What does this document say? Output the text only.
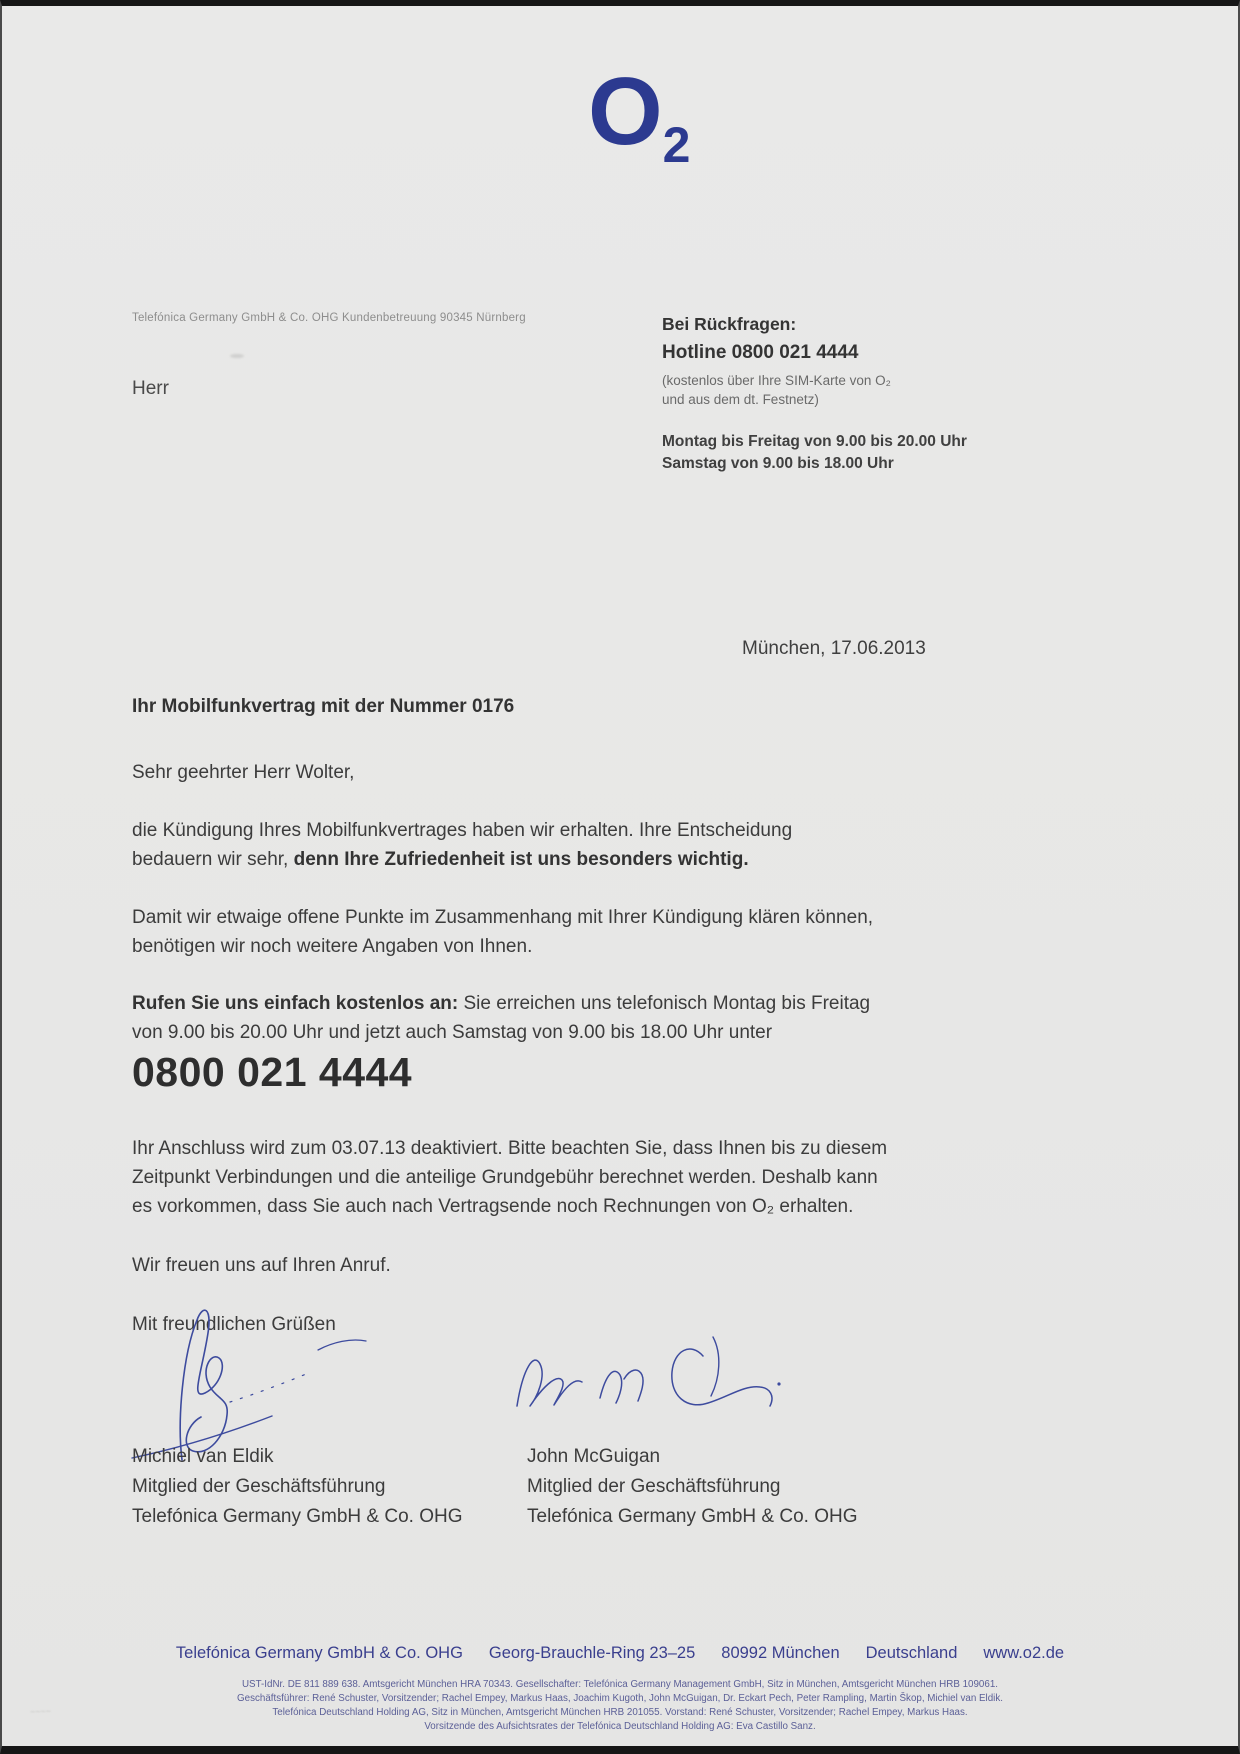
O2
Telefónica Germany GmbH & Co. OHG Kundenbetreuung 90345 Nürnberg
Herr
Bei Rückfragen:
Hotline 0800 021 4444
(kostenlos über Ihre SIM-Karte von O₂
und aus dem dt. Festnetz)
Montag bis Freitag von 9.00 bis 20.00 Uhr
Samstag von 9.00 bis 18.00 Uhr
München, 17.06.2013
Ihr Mobilfunkvertrag mit der Nummer 0176
Sehr geehrter Herr Wolter,
die Kündigung Ihres Mobilfunkvertrages haben wir erhalten. Ihre Entscheidung
bedauern wir sehr, denn Ihre Zufriedenheit ist uns besonders wichtig.
Damit wir etwaige offene Punkte im Zusammenhang mit Ihrer Kündigung klären können,
benötigen wir noch weitere Angaben von Ihnen.
Rufen Sie uns einfach kostenlos an: Sie erreichen uns telefonisch Montag bis Freitag
von 9.00 bis 20.00 Uhr und jetzt auch Samstag von 9.00 bis 18.00 Uhr unter
0800 021 4444
Ihr Anschluss wird zum 03.07.13 deaktiviert. Bitte beachten Sie, dass Ihnen bis zu diesem
Zeitpunkt Verbindungen und die anteilige Grundgebühr berechnet werden. Deshalb kann
es vorkommen, dass Sie auch nach Vertragsende noch Rechnungen von O₂ erhalten.
Wir freuen uns auf Ihren Anruf.
Mit freundlichen Grüßen
Michiel van Eldik
Mitglied der Geschäftsführung
Telefónica Germany GmbH & Co. OHG
John McGuigan
Mitglied der Geschäftsführung
Telefónica Germany GmbH & Co. OHG
Telefónica Germany GmbH & Co. OHG Georg-Brauchle-Ring 23–25 80992 München Deutschland www.o2.de
UST-IdNr. DE 811 889 638. Amtsgericht München HRA 70343. Gesellschafter: Telefónica Germany Management GmbH, Sitz in München, Amtsgericht München HRB 109061.
Geschäftsführer: René Schuster, Vorsitzender; Rachel Empey, Markus Haas, Joachim Kugoth, John McGuigan, Dr. Eckart Pech, Peter Rampling, Martin Škop, Michiel van Eldik.
Telefónica Deutschland Holding AG, Sitz in München, Amtsgericht München HRB 201055. Vorstand: René Schuster, Vorsitzender; Rachel Empey, Markus Haas.
Vorsitzende des Aufsichtsrates der Telefónica Deutschland Holding AG: Eva Castillo Sanz.
~~~~
